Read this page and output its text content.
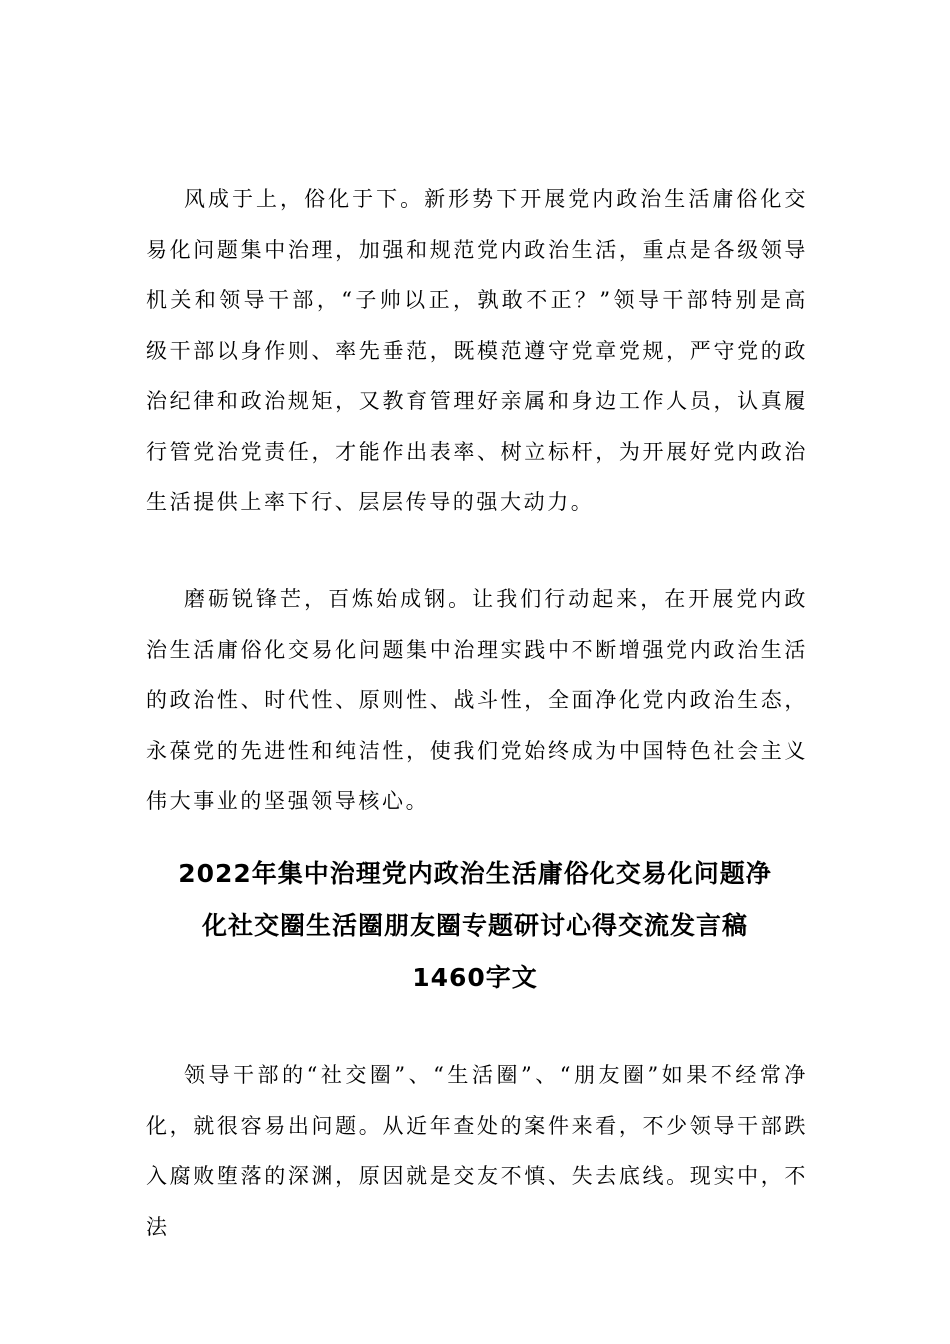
风成于上，俗化于下。新形势下开展党内政治生活庸俗化交易化问题集中治理，加强和规范党内政治生活，重点是各级领导机关和领导干部，“子帅以正，孰敢不正？”领导干部特别是高级干部以身作则、率先垂范，既模范遵守党章党规，严守党的政治纪律和政治规矩，又教育管理好亲属和身边工作人员，认真履行管党治党责任，才能作出表率、树立标杆，为开展好党内政治生活提供上率下行、层层传导的强大动力。

磨砺锐锋芒，百炼始成钢。让我们行动起来，在开展党内政治生活庸俗化交易化问题集中治理实践中不断增强党内政治生活的政治性、时代性、原则性、战斗性，全面净化党内政治生态，永葆党的先进性和纯洁性，使我们党始终成为中国特色社会主义伟大事业的坚强领导核心。

2022年集中治理党内政治生活庸俗化交易化问题净
化社交圈生活圈朋友圈专题研讨心得交流发言稿
1460字文

领导干部的“社交圈”、“生活圈”、“朋友圈”如果不经常净化，就很容易出问题。从近年查处的案件来看，不少领导干部跌入腐败堕落的深渊，原因就是交友不慎、失去底线。现实中，不法
